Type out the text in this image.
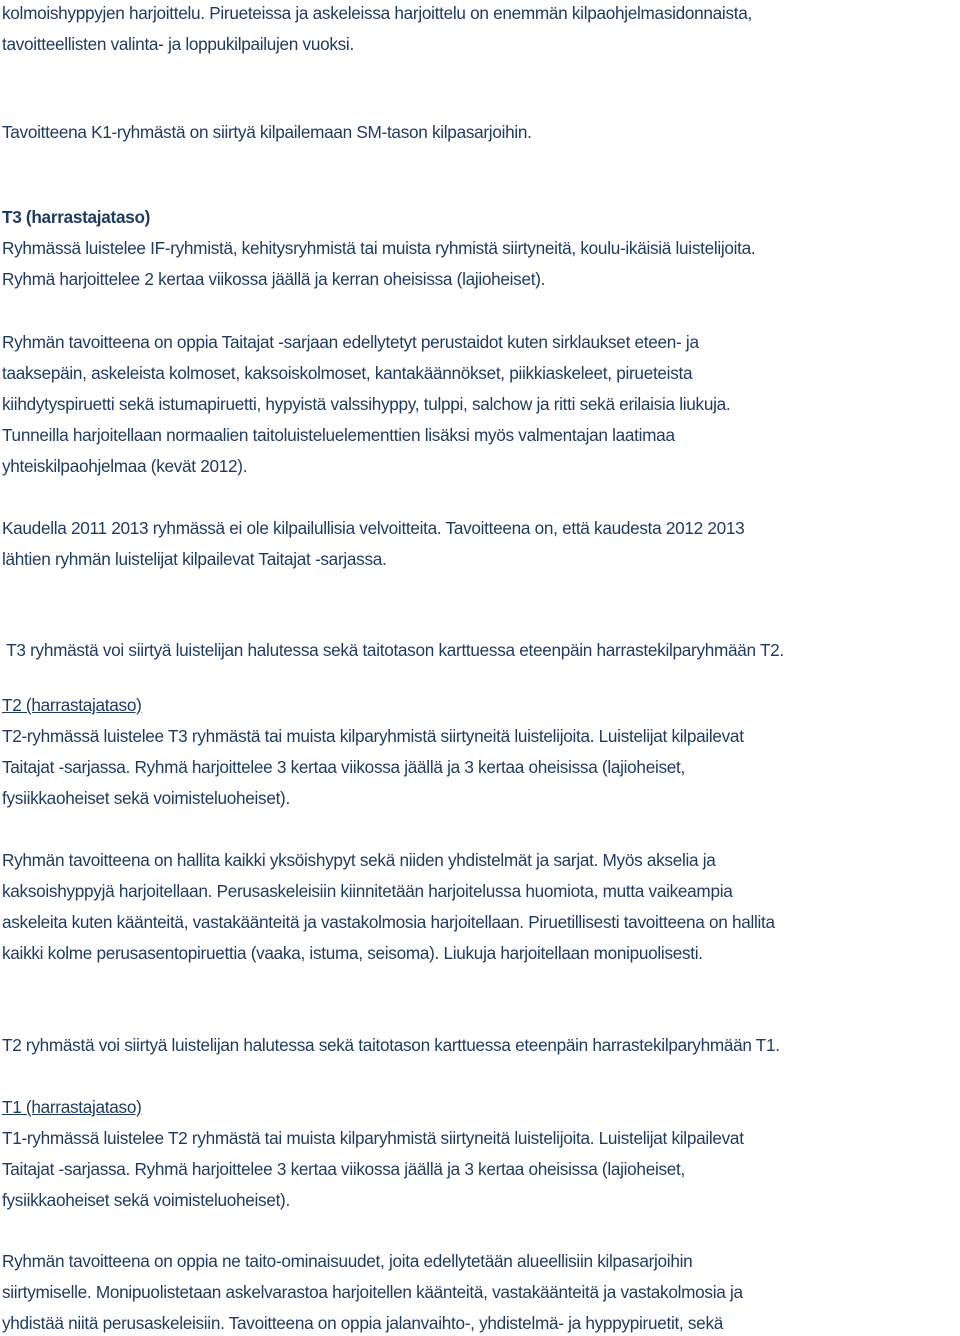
kolmoishyppyjen harjoittelu. Pirueteissa ja askeleissa harjoittelu on enemmän kilpaohjelmasidonnaista,

tavoitteellisten valinta- ja loppukilpailujen vuoksi.

Tavoitteena K1-ryhmästä on siirtyä kilpailemaan SM-tason kilpasarjoihin.

T3 (harrastajataso)

Ryhmässä luistelee IF-ryhmistä, kehitysryhmistä tai muista ryhmistä siirtyneitä, koulu-ikäisiä luistelijoita.

Ryhmä harjoittelee 2 kertaa viikossa jäällä ja kerran oheisissa (lajioheiset).

Ryhmän tavoitteena on oppia Taitajat -sarjaan edellytetyt perustaidot kuten sirklaukset eteen- ja

taaksepäin, askeleista kolmoset, kaksoiskolmoset, kantakäännökset, piikkiaskeleet, pirueteista

kiihdytyspiruetti sekä istumapiruetti, hypyistä valssihyppy, tulppi, salchow ja ritti sekä erilaisia liukuja.

Tunneilla harjoitellaan normaalien taitoluisteluelementtien lisäksi myös valmentajan laatimaa

yhteiskilpaohjelmaa (kevät 2012).

Kaudella 2011 2013 ryhmässä ei ole kilpailullisia velvoitteita. Tavoitteena on, että kaudesta 2012 2013

lähtien ryhmän luistelijat kilpailevat Taitajat -sarjassa.

T3 ryhmästä voi siirtyä luistelijan halutessa sekä taitotason karttuessa eteenpäin harrastekilparyhmään T2.

T2 (harrastajataso)

T2-ryhmässä luistelee T3 ryhmästä tai muista kilparyhmistä siirtyneitä luistelijoita. Luistelijat kilpailevat

Taitajat -sarjassa. Ryhmä harjoittelee 3 kertaa viikossa jäällä ja 3 kertaa oheisissa (lajioheiset,

fysiikkaoheiset sekä voimisteluoheiset).

Ryhmän tavoitteena on hallita kaikki yksöishypyt sekä niiden yhdistelmät ja sarjat. Myös akselia ja

kaksoishyppyjä harjoitellaan. Perusaskeleisiin kiinnitetään harjoitelussa huomiota, mutta vaikeampia

askeleita kuten käänteitä, vastakäänteitä ja vastakolmosia harjoitellaan. Piruetillisesti tavoitteena on hallita

kaikki kolme perusasentopiruettia (vaaka, istuma, seisoma). Liukuja harjoitellaan monipuolisesti.

T2 ryhmästä voi siirtyä luistelijan halutessa sekä taitotason karttuessa eteenpäin harrastekilparyhmään T1.

T1 (harrastajataso)

T1-ryhmässä luistelee T2 ryhmästä tai muista kilparyhmistä siirtyneitä luistelijoita. Luistelijat kilpailevat

Taitajat -sarjassa. Ryhmä harjoittelee 3 kertaa viikossa jäällä ja 3 kertaa oheisissa (lajioheiset,

fysiikkaoheiset sekä voimisteluoheiset).

Ryhmän tavoitteena on oppia ne taito-ominaisuudet, joita edellytetään alueellisiin kilpasarjoihin

siirtymiselle. Monipuolistetaan askelvarastoa harjoitellen käänteitä, vastakäänteitä ja vastakolmosia ja

yhdistää niitä perusaskeleisiin. Tavoitteena on oppia jalanvaihto-, yhdistelmä- ja hyppypiruetit, sekä
